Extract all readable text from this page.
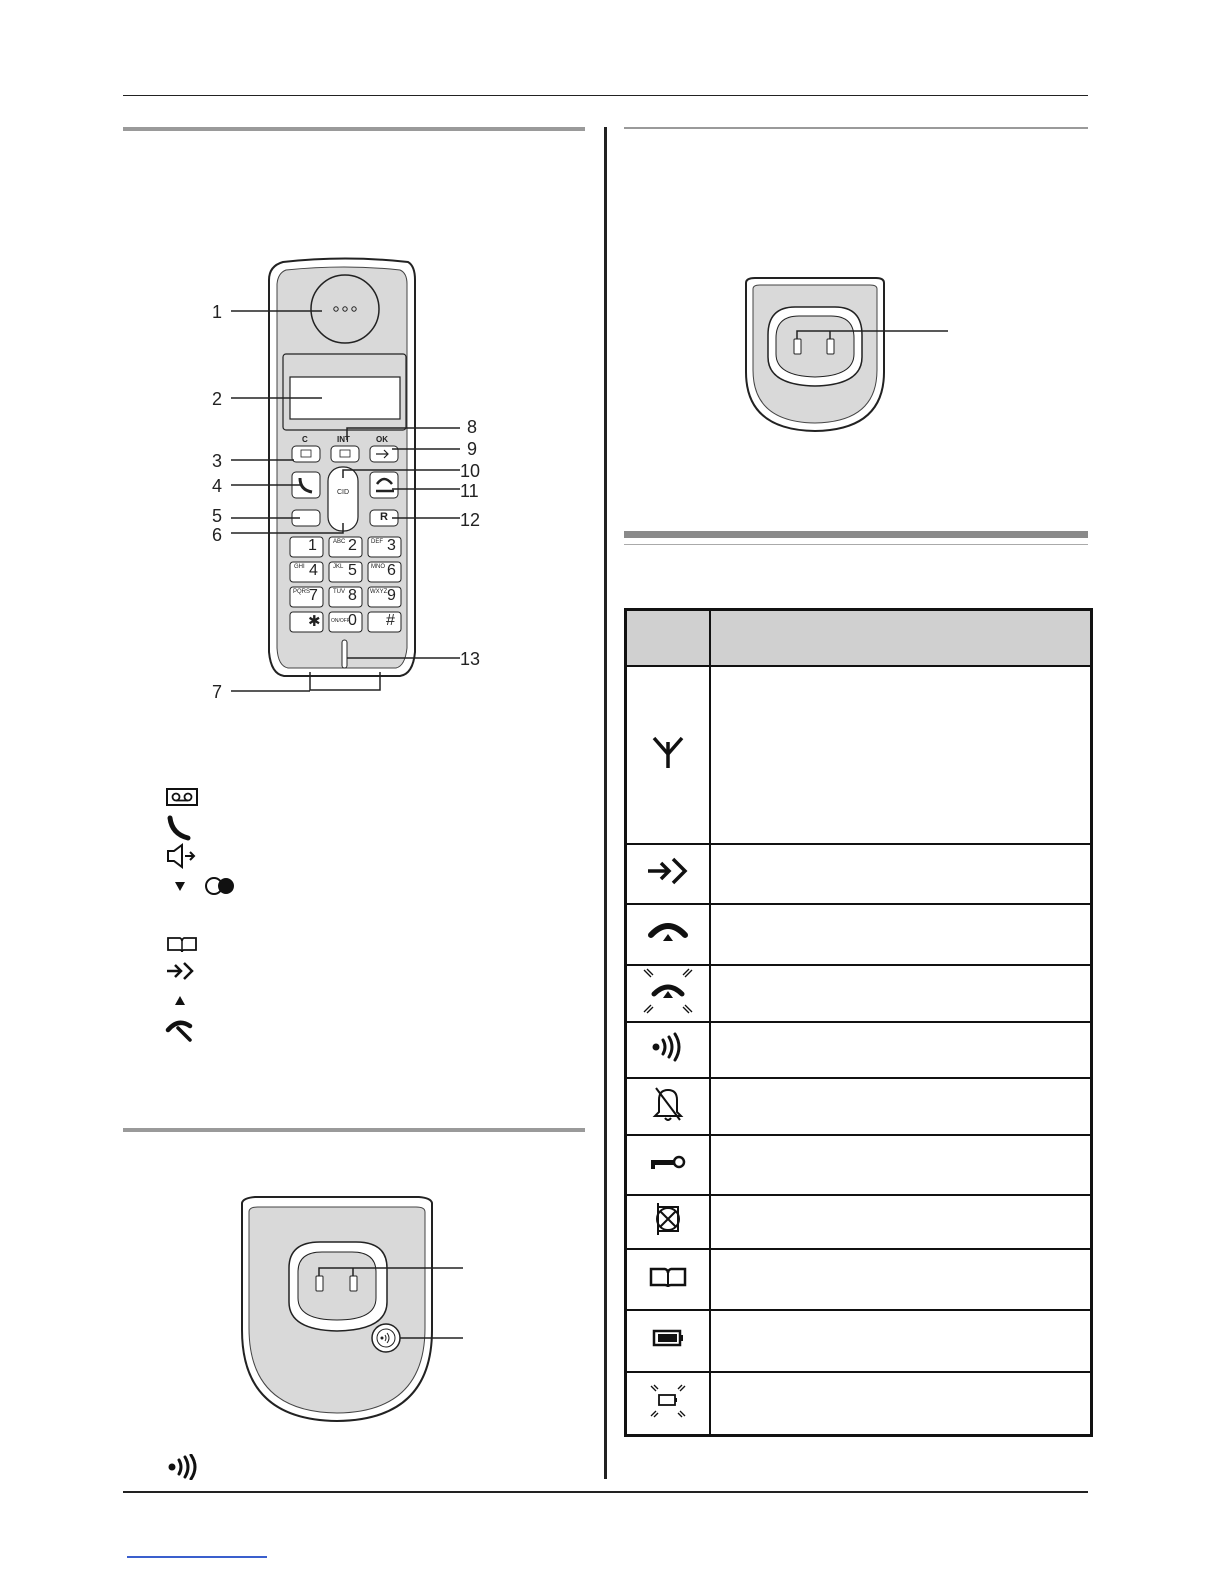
C	INT	OK
CID
R
1 2
ABC	3
DEF
4
GHI	5
JKL	6
MNO
7
PQRS 8
TUV	9
WXYZ
✱ 0
ON/OFF #
1
2
3
4
5
6
7
8
9
10
11
12
13
